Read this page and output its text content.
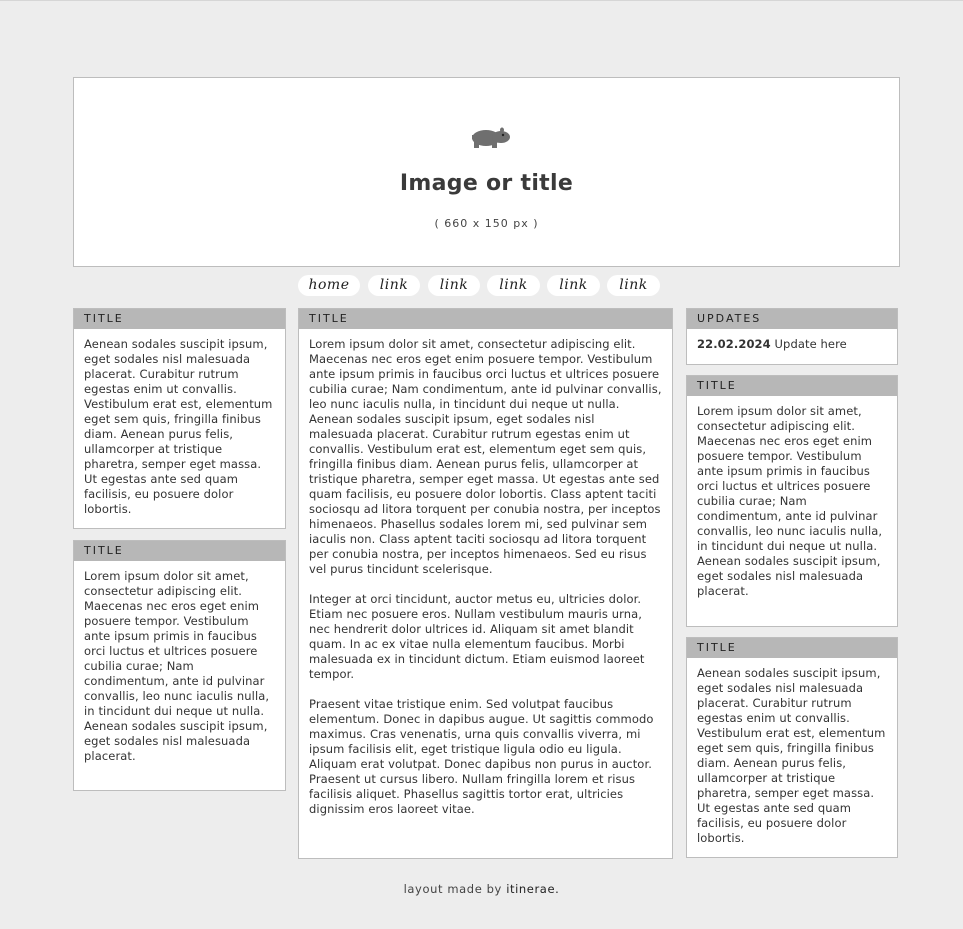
Image or title
( 660 x 150 px )
home	link	link	link	link	link
TITLE

Aenean sodales suscipit ipsum, eget sodales nisl malesuada placerat. Curabitur rutrum egestas enim ut convallis. Vestibulum erat est, elementum eget sem quis, fringilla finibus diam. Aenean purus felis, ullamcorper at tristique pharetra, semper eget massa. Ut egestas ante sed quam facilisis, eu posuere dolor lobortis.

TITLE

Lorem ipsum dolor sit amet, consectetur adipiscing elit. Maecenas nec eros eget enim posuere tempor. Vestibulum ante ipsum primis in faucibus orci luctus et ultrices posuere cubilia curae; Nam condimentum, ante id pulvinar convallis, leo nunc iaculis nulla, in tincidunt dui neque ut nulla. Aenean sodales suscipit ipsum, eget sodales nisl malesuada placerat.

TITLE

Lorem ipsum dolor sit amet, consectetur adipiscing elit. Maecenas nec eros eget enim posuere tempor. Vestibulum ante ipsum primis in faucibus orci luctus et ultrices posuere cubilia curae; Nam condimentum, ante id pulvinar convallis, leo nunc iaculis nulla, in tincidunt dui neque ut nulla. Aenean sodales suscipit ipsum, eget sodales nisl malesuada placerat. Curabitur rutrum egestas enim ut convallis. Vestibulum erat est, elementum eget sem quis, fringilla finibus diam. Aenean purus felis, ullamcorper at tristique pharetra, semper eget massa. Ut egestas ante sed quam facilisis, eu posuere dolor lobortis. Class aptent taciti sociosqu ad litora torquent per conubia nostra, per inceptos himenaeos. Phasellus sodales lorem mi, sed pulvinar sem iaculis non. Class aptent taciti sociosqu ad litora torquent per conubia nostra, per inceptos himenaeos. Sed eu risus vel purus tincidunt scelerisque.

Integer at orci tincidunt, auctor metus eu, ultricies dolor. Etiam nec posuere eros. Nullam vestibulum mauris urna, nec hendrerit dolor ultrices id. Aliquam sit amet blandit quam. In ac ex vitae nulla elementum faucibus. Morbi malesuada ex in tincidunt dictum. Etiam euismod laoreet tempor.

Praesent vitae tristique enim. Sed volutpat faucibus elementum. Donec in dapibus augue. Ut sagittis commodo maximus. Cras venenatis, urna quis convallis viverra, mi ipsum facilisis elit, eget tristique ligula odio eu ligula. Aliquam erat volutpat. Donec dapibus non purus in auctor. Praesent ut cursus libero. Nullam fringilla lorem et risus facilisis aliquet. Phasellus sagittis tortor erat, ultricies dignissim eros laoreet vitae.

UPDATES
22.02.2024 Update here
TITLE

Lorem ipsum dolor sit amet, consectetur adipiscing elit. Maecenas nec eros eget enim posuere tempor. Vestibulum ante ipsum primis in faucibus orci luctus et ultrices posuere cubilia curae; Nam condimentum, ante id pulvinar convallis, leo nunc iaculis nulla, in tincidunt dui neque ut nulla. Aenean sodales suscipit ipsum, eget sodales nisl malesuada placerat.

TITLE

Aenean sodales suscipit ipsum, eget sodales nisl malesuada placerat. Curabitur rutrum egestas enim ut convallis. Vestibulum erat est, elementum eget sem quis, fringilla finibus diam. Aenean purus felis, ullamcorper at tristique pharetra, semper eget massa. Ut egestas ante sed quam facilisis, eu posuere dolor lobortis.

layout made by itinerae.
